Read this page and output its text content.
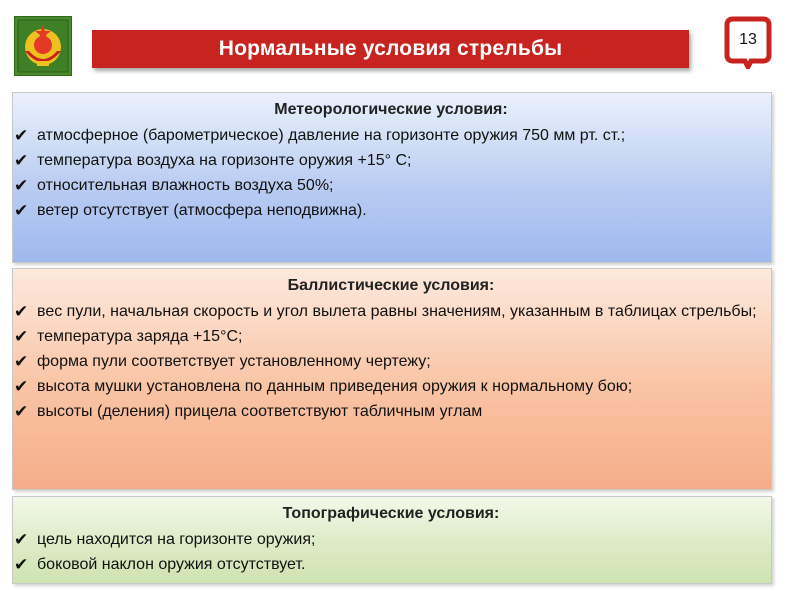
Нормальные условия стрельбы	13
Метеорологические условия:
✔ атмосферное (барометрическое) давление на горизонте оружия 750 мм рт. ст.;
✔ температура воздуха на горизонте оружия +15° С;
✔ относительная влажность воздуха 50%;
✔ ветер отсутствует (атмосфера неподвижна).
Баллистические условия:
✔ вес пули, начальная скорость и угол вылета равны значениям, указанным в таблицах стрельбы;
✔ температура заряда +15°С;
✔ форма пули соответствует установленному чертежу;
✔ высота мушки установлена по данным приведения оружия к нормальному бою;
✔ высоты (деления) прицела соответствуют табличным углам
Топографические условия:
✔ цель находится на горизонте оружия;
✔ боковой наклон оружия отсутствует.
